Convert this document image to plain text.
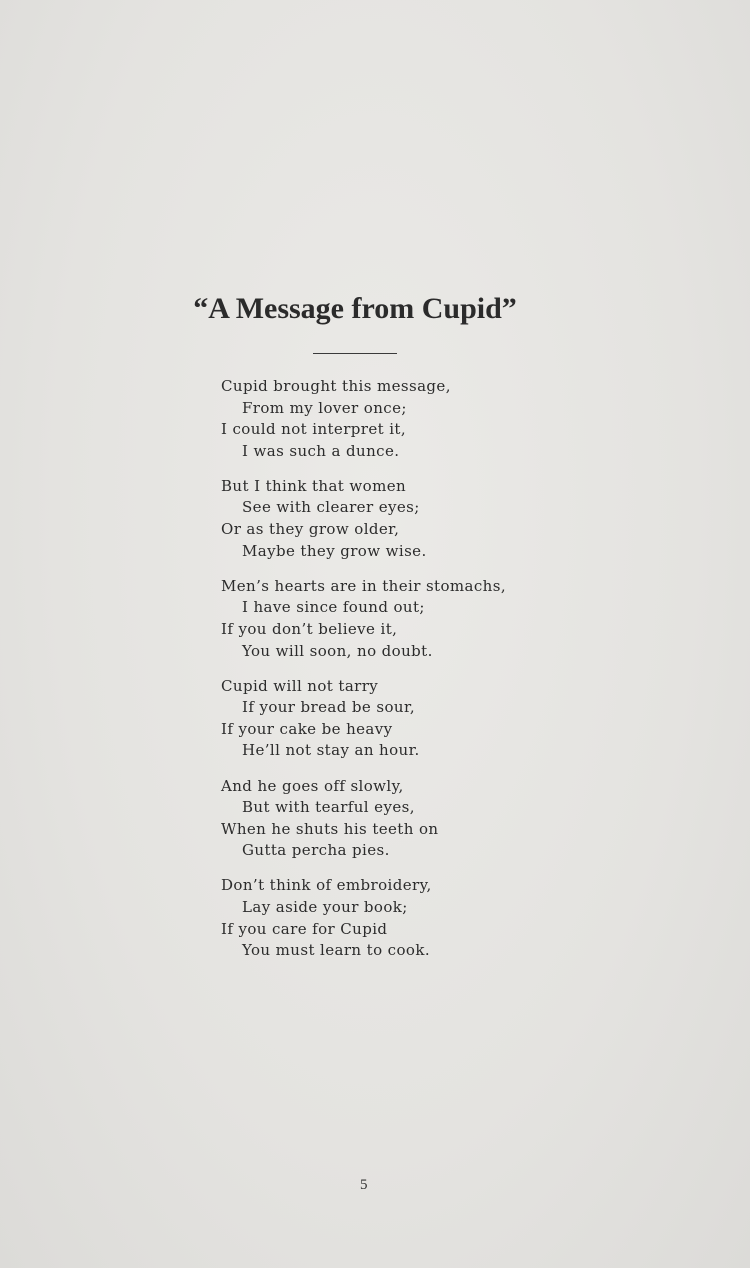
“A Message from Cupid”
Cupid brought this message,
From my lover once;
I could not interpret it,
I was such a dunce.
But I think that women
See with clearer eyes;
Or as they grow older,
Maybe they grow wise.
Men’s hearts are in their stomachs,
I have since found out;
If you don’t believe it,
You will soon, no doubt.
Cupid will not tarry
If your bread be sour,
If your cake be heavy
He’ll not stay an hour.
And he goes off slowly,
But with tearful eyes,
When he shuts his teeth on
Gutta percha pies.
Don’t think of embroidery,
Lay aside your book;
If you care for Cupid
You must learn to cook.
5
